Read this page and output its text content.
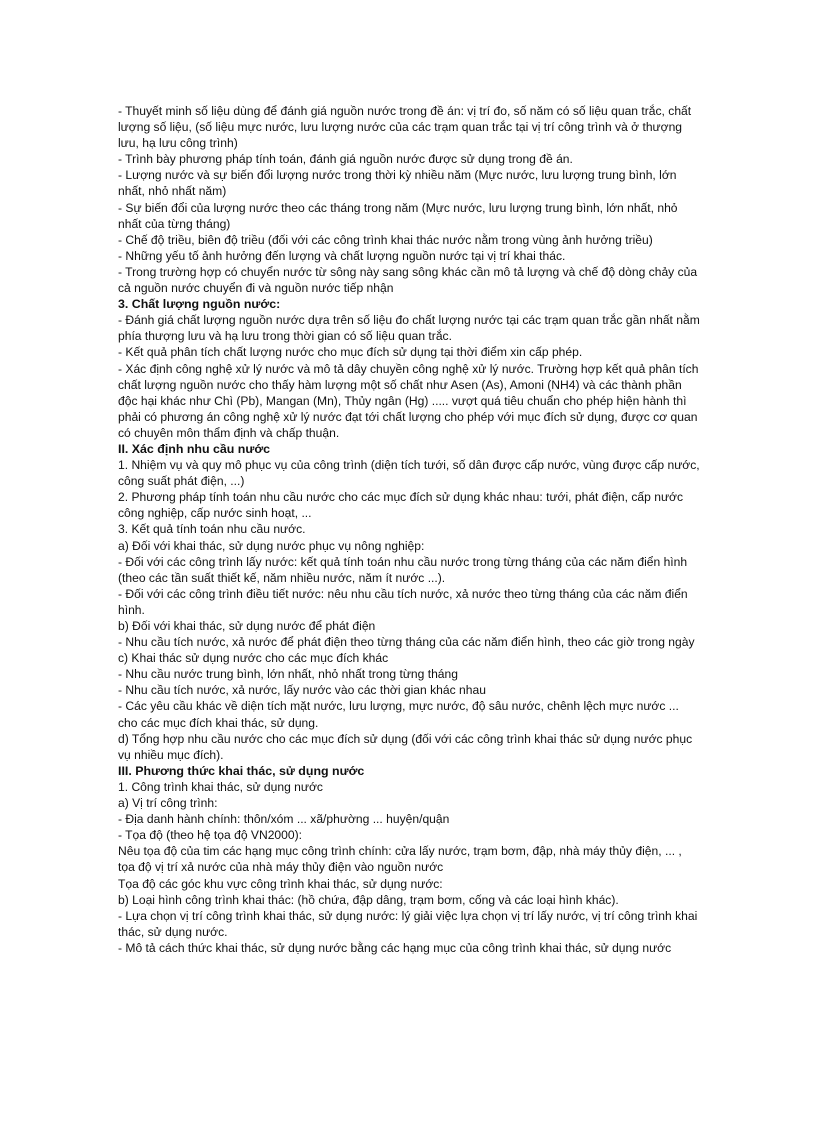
- Thuyết minh số liệu dùng để đánh giá nguồn nước trong đề án: vị trí đo, số năm có số liệu quan trắc, chất lượng số liệu, (số liệu mực nước, lưu lượng nước của các trạm quan trắc tại vị trí công trình và ở thượng lưu, hạ lưu công trình)
- Trình bày phương pháp tính toán, đánh giá nguồn nước được sử dụng trong đề án.
- Lượng nước và sự biến đổi lượng nước trong thời kỳ nhiều năm (Mực nước, lưu lượng trung bình, lớn nhất, nhỏ nhất năm)
- Sự biến đổi của lượng nước theo các tháng trong năm (Mực nước, lưu lượng trung bình, lớn nhất, nhỏ nhất của từng tháng)
- Chế độ triều, biên độ triều (đối với các công trình khai thác nước nằm trong vùng ảnh hưởng triều)
- Những yếu tố ảnh hưởng đến lượng và chất lượng nguồn nước tại vị trí khai thác.
- Trong trường hợp có chuyển nước từ sông này sang sông khác cần mô tả lượng và chế độ dòng chảy của cả nguồn nước chuyển đi và nguồn nước tiếp nhận
3. Chất lượng nguồn nước:
- Đánh giá chất lượng nguồn nước dựa trên số liệu đo chất lượng nước tại các trạm quan trắc gần nhất nằm phía thượng lưu và hạ lưu trong thời gian có số liệu quan trắc.
- Kết quả phân tích chất lượng nước cho mục đích sử dụng tại thời điểm xin cấp phép.
- Xác định công nghệ xử lý nước và mô tả dây chuyền công nghệ xử lý nước. Trường hợp kết quả phân tích chất lượng nguồn nước cho thấy hàm lượng một số chất như Asen (As), Amoni (NH4) và các thành phần độc hại khác như Chì (Pb), Mangan (Mn), Thủy ngân (Hg) ..... vượt quá tiêu chuẩn cho phép hiện hành thì phải có phương án công nghệ xử lý nước đạt tới chất lượng cho phép với mục đích sử dụng, được cơ quan có chuyên môn thẩm định và chấp thuận.
II. Xác định nhu cầu nước
1. Nhiệm vụ và quy mô phục vụ của công trình (diện tích tưới, số dân được cấp nước, vùng được cấp nước, công suất phát điện, ...)
2. Phương pháp tính toán nhu cầu nước cho các mục đích sử dụng khác nhau: tưới, phát điện, cấp nước công nghiệp, cấp nước sinh hoạt, ...
3. Kết quả tính toán nhu cầu nước.
a) Đối với khai thác, sử dụng nước phục vụ nông nghiệp:
- Đối với các công trình lấy nước: kết quả tính toán nhu cầu nước trong từng tháng của các năm điển hình (theo các tần suất thiết kế, năm nhiều nước, năm ít nước ...).
- Đối với các công trình điều tiết nước: nêu nhu cầu tích nước, xả nước theo từng tháng của các năm điển hình.
b) Đối với khai thác, sử dụng nước để phát điện
- Nhu cầu tích nước, xả nước để phát điện theo từng tháng của các năm điển hình, theo các giờ trong ngày
c) Khai thác sử dụng nước cho các mục đích khác
- Nhu cầu nước trung bình, lớn nhất, nhỏ nhất trong từng tháng
- Nhu cầu tích nước, xả nước, lấy nước vào các thời gian khác nhau
- Các yêu cầu khác về diện tích mặt nước, lưu lượng, mực nước, độ sâu nước, chênh lệch mực nước ... cho các mục đích khai thác, sử dụng.
d) Tổng hợp nhu cầu nước cho các mục đích sử dụng (đối với các công trình khai thác sử dụng nước phục vụ nhiều mục đích).
III. Phương thức khai thác, sử dụng nước
1. Công trình khai thác, sử dụng nước
a) Vị trí công trình:
- Địa danh hành chính: thôn/xóm ... xã/phường ... huyện/quận
- Tọa độ (theo hệ tọa độ VN2000):
Nêu tọa độ của tim các hạng mục công trình chính: cửa lấy nước, trạm bơm, đập, nhà máy thủy điện, ... , tọa độ vị trí xả nước của nhà máy thủy điện vào nguồn nước
Tọa độ các góc khu vực công trình khai thác, sử dụng nước:
b) Loại hình công trình khai thác: (hồ chứa, đập dâng, trạm bơm, cống và các loại hình khác).
- Lựa chọn vị trí công trình khai thác, sử dụng nước: lý giải việc lựa chọn vị trí lấy nước, vị trí công trình khai thác, sử dụng nước.
- Mô tả cách thức khai thác, sử dụng nước bằng các hạng mục của công trình khai thác, sử dụng nước
